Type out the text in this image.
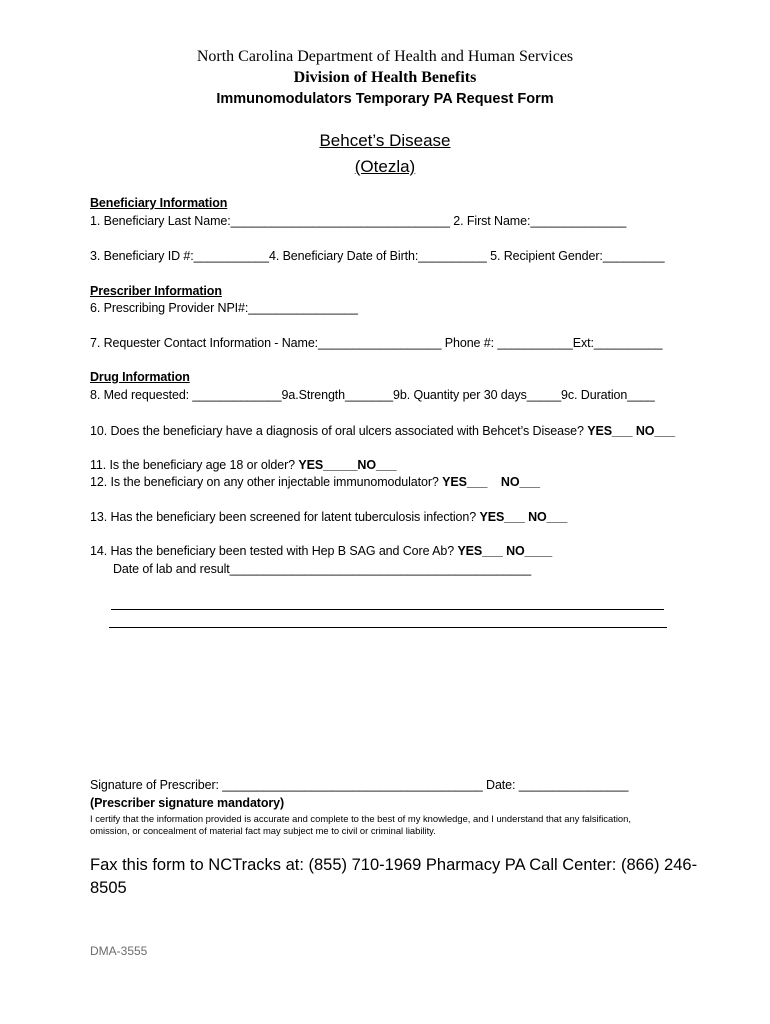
North Carolina Department of Health and Human Services
Division of Health Benefits
Immunomodulators Temporary PA Request Form
Behcet’s Disease
(Otezla)
Beneficiary Information
1. Beneficiary Last Name:________________________________ 2. First Name:______________
3. Beneficiary ID #:___________4. Beneficiary Date of Birth:__________ 5. Recipient Gender:_________
Prescriber Information
6. Prescribing Provider NPI#:________________
7. Requester Contact Information - Name:__________________ Phone #: ___________Ext:__________
Drug Information
8. Med requested: _____________9a.Strength_______9b. Quantity per 30 days_____9c. Duration____
10. Does the beneficiary have a diagnosis of oral ulcers associated with Behcet’s Disease? YES___ NO___
11. Is the beneficiary age 18 or older? YES_____NO___
12. Is the beneficiary on any other injectable immunomodulator? YES___ NO___
13. Has the beneficiary been screened for latent tuberculosis infection? YES___ NO___
14. Has the beneficiary been tested with Hep B SAG and Core Ab? YES___ NO____
Date of lab and result____________________________________________
Signature of Prescriber: ______________________________________ Date: ________________
(Prescriber signature mandatory)
I certify that the information provided is accurate and complete to the best of my knowledge, and I understand that any falsification,
omission, or concealment of material fact may subject me to civil or criminal liability.
Fax this form to NCTracks at: (855) 710-1969 Pharmacy PA Call Center: (866) 246-
8505
DMA-3555
